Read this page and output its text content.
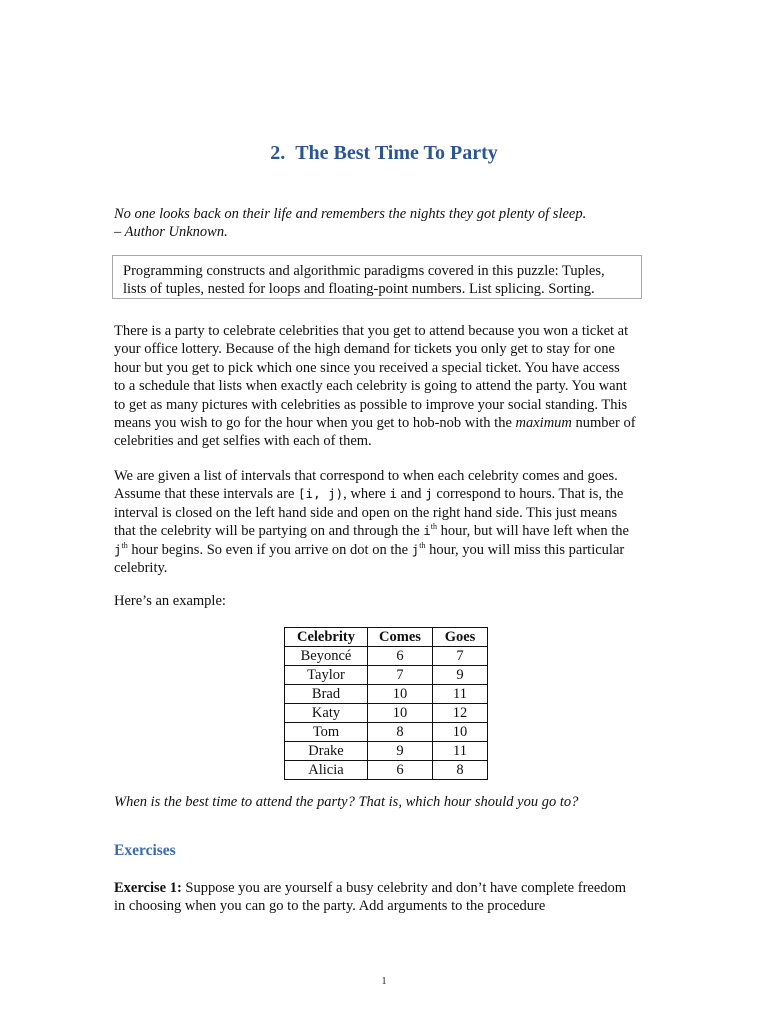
2. The Best Time To Party
No one looks back on their life and remembers the nights they got plenty of sleep.
– Author Unknown.
Programming constructs and algorithmic paradigms covered in this puzzle: Tuples,
lists of tuples, nested for loops and floating-point numbers. List splicing. Sorting.
There is a party to celebrate celebrities that you get to attend because you won a ticket at
your office lottery. Because of the high demand for tickets you only get to stay for one
hour but you get to pick which one since you received a special ticket. You have access
to a schedule that lists when exactly each celebrity is going to attend the party. You want
to get as many pictures with celebrities as possible to improve your social standing. This
means you wish to go for the hour when you get to hob-nob with the maximum number of
celebrities and get selfies with each of them.
We are given a list of intervals that correspond to when each celebrity comes and goes.
Assume that these intervals are [i, j), where i and j correspond to hours. That is, the
interval is closed on the left hand side and open on the right hand side. This just means
that the celebrity will be partying on and through the $i^{th}$ hour, but will have left when the
$j^{th}$ hour begins. So even if you arrive on dot on the $j^{th}$ hour, you will miss this particular
celebrity.
Here’s an example:
Celebrity	Comes	Goes
Beyoncé	6	7
Taylor	7	9
Brad	10	11
Katy	10	12
Tom	8	10
Drake	9	11
Alicia	6	8
When is the best time to attend the party? That is, which hour should you go to?
Exercises
Exercise 1: Suppose you are yourself a busy celebrity and don’t have complete freedom
in choosing when you can go to the party. Add arguments to the procedure
1
